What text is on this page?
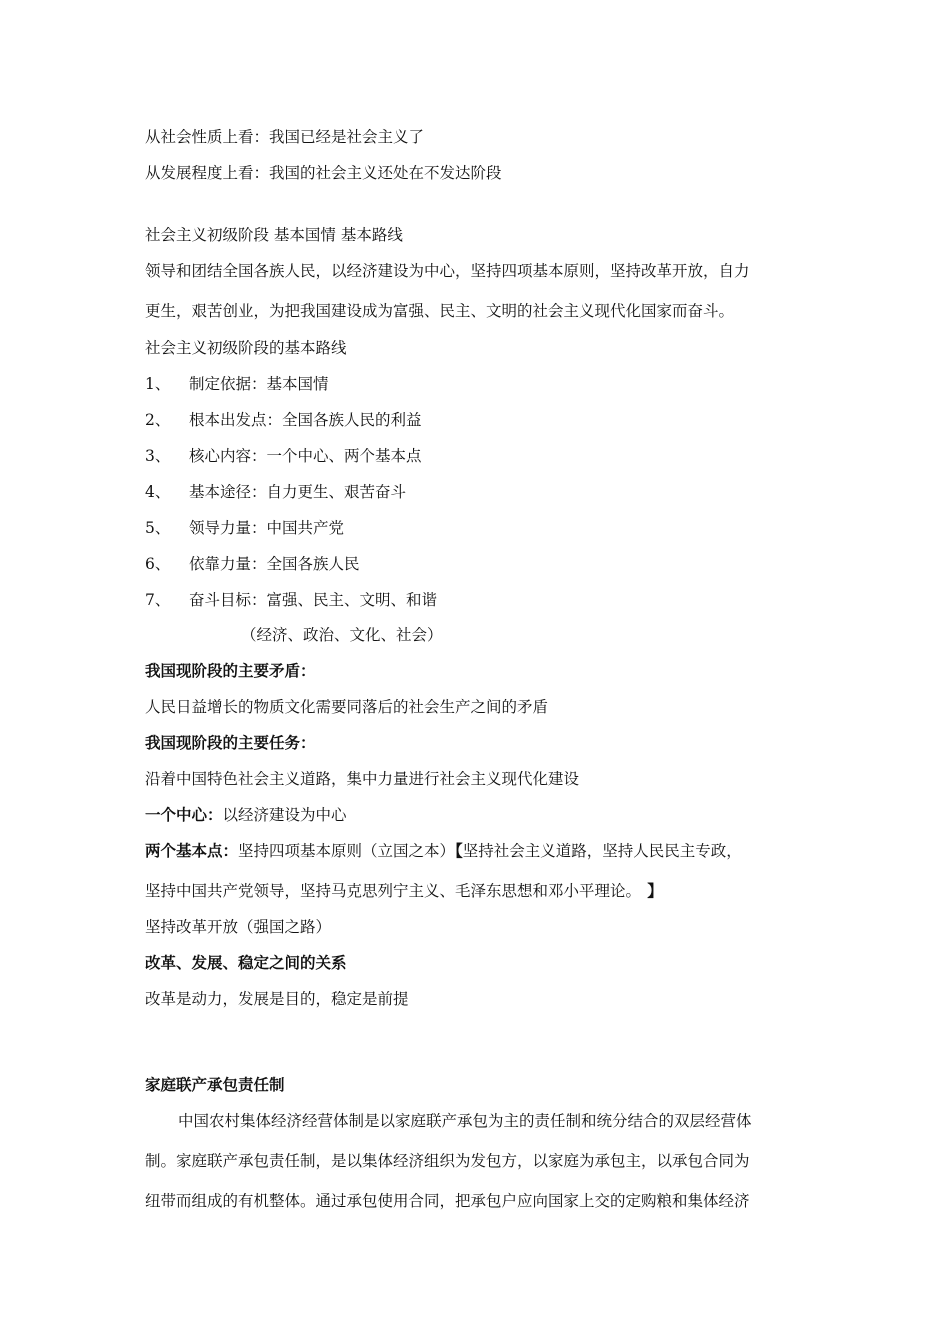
从社会性质上看：我国已经是社会主义了
从发展程度上看：我国的社会主义还处在不发达阶段
社会主义初级阶段 基本国情 基本路线
领导和团结全国各族人民，以经济建设为中心，坚持四项基本原则，坚持改革开放，自力
更生，艰苦创业，为把我国建设成为富强、民主、文明的社会主义现代化国家而奋斗。
社会主义初级阶段的基本路线
1、 制定依据：基本国情
2、 根本出发点：全国各族人民的利益
3、 核心内容：一个中心、两个基本点
4、 基本途径：自力更生、艰苦奋斗
5、 领导力量：中国共产党
6、 依靠力量：全国各族人民
7、 奋斗目标：富强、民主、文明、和谐
（经济、政治、文化、社会）
我国现阶段的主要矛盾：
人民日益增长的物质文化需要同落后的社会生产之间的矛盾
我国现阶段的主要任务：
沿着中国特色社会主义道路，集中力量进行社会主义现代化建设
一个中心：以经济建设为中心
两个基本点：坚持四项基本原则（立国之本）【坚持社会主义道路，坚持人民民主专政，
坚持中国共产党领导，坚持马克思列宁主义、毛泽东思想和邓小平理论。 】
坚持改革开放（强国之路）
改革、发展、稳定之间的关系
改革是动力，发展是目的，稳定是前提
家庭联产承包责任制
中国农村集体经济经营体制是以家庭联产承包为主的责任制和统分结合的双层经营体
制。家庭联产承包责任制，是以集体经济组织为发包方，以家庭为承包主，以承包合同为
纽带而组成的有机整体。通过承包使用合同，把承包户应向国家上交的定购粮和集体经济
